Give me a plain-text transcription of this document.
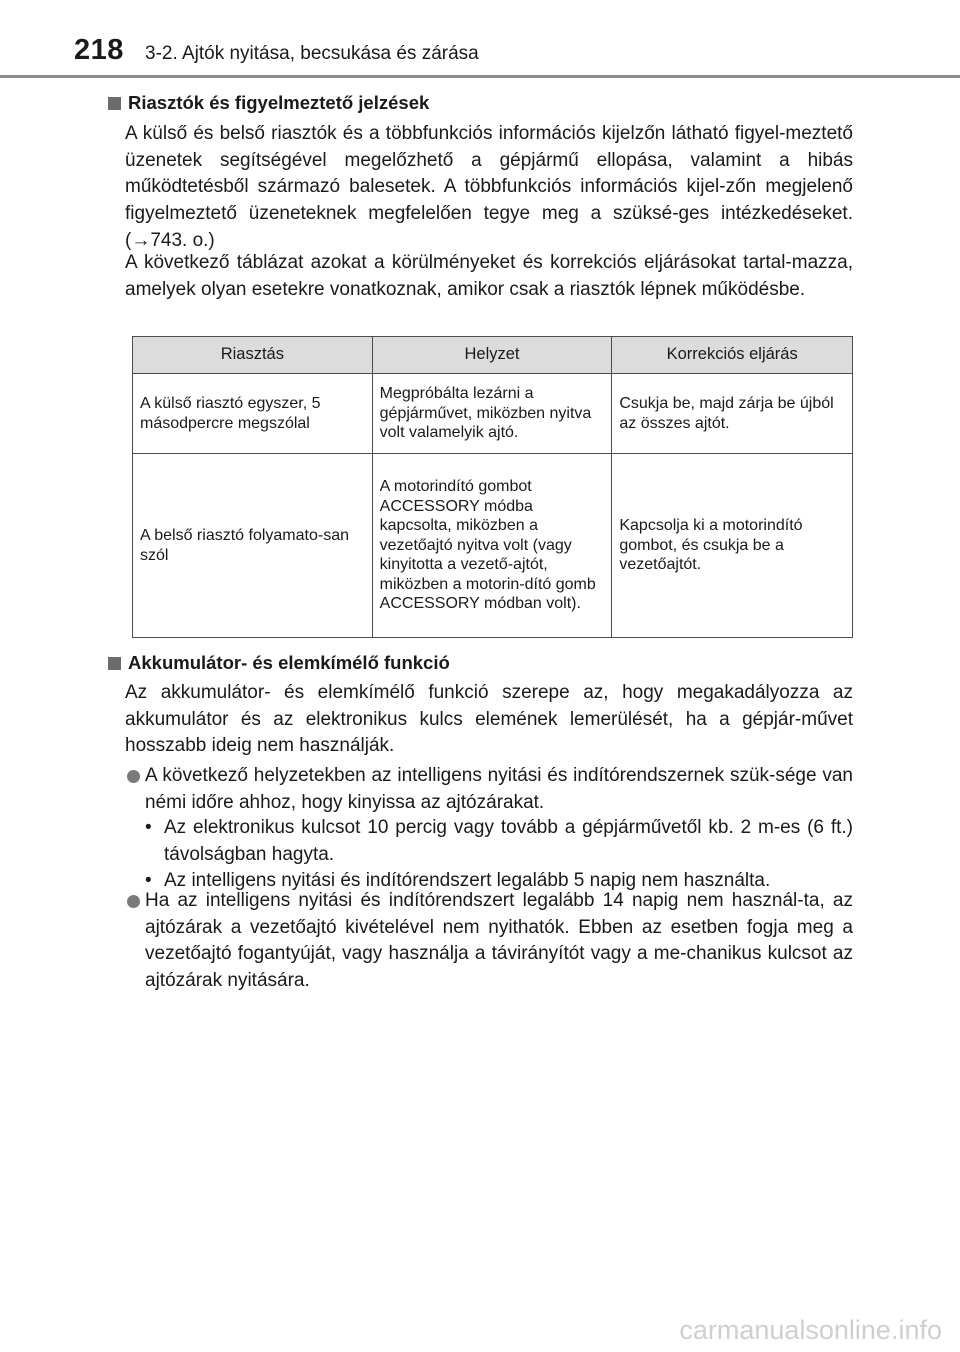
218 3-2. Ajtók nyitása, becsukása és zárása
Riasztók és figyelmeztető jelzések
A külső és belső riasztók és a többfunkciós információs kijelzőn látható figyel-meztető üzenetek segítségével megelőzhető a gépjármű ellopása, valamint a hibás működtetésből származó balesetek. A többfunkciós információs kijel-zőn megjelenő figyelmeztető üzeneteknek megfelelően tegye meg a szüksé-ges intézkedéseket. (→743. o.)
A következő táblázat azokat a körülményeket és korrekciós eljárásokat tartal-mazza, amelyek olyan esetekre vonatkoznak, amikor csak a riasztók lépnek működésbe.
Riasztás	Helyzet	Korrekciós eljárás
A külső riasztó egyszer, 5 másodpercre megszólal	Megpróbálta lezárni a gépjárművet, miközben nyitva volt valamelyik ajtó.	Csukja be, majd zárja be újból az összes ajtót.
A belső riasztó folyamato-san szól	A motorindító gombot ACCESSORY módba kapcsolta, miközben a vezetőajtó nyitva volt (vagy kinyitotta a vezető-ajtót, miközben a motorin-dító gomb ACCESSORY módban volt).	Kapcsolja ki a motorindító gombot, és csukja be a vezetőajtót.
Akkumulátor- és elemkímélő funkció
Az akkumulátor- és elemkímélő funkció szerepe az, hogy megakadályozza az akkumulátor és az elektronikus kulcs elemének lemerülését, ha a gépjár-művet hosszabb ideig nem használják.
A következő helyzetekben az intelligens nyitási és indítórendszernek szük-sége van némi időre ahhoz, hogy kinyissa az ajtózárakat.
• Az elektronikus kulcsot 10 percig vagy tovább a gépjárművetől kb. 2 m-es (6 ft.) távolságban hagyta.
• Az intelligens nyitási és indítórendszert legalább 5 napig nem használta.
Ha az intelligens nyitási és indítórendszert legalább 14 napig nem használ-ta, az ajtózárak a vezetőajtó kivételével nem nyithatók. Ebben az esetben fogja meg a vezetőajtó fogantyúját, vagy használja a távirányítót vagy a me-chanikus kulcsot az ajtózárak nyitására.
carmanualsonline.info
